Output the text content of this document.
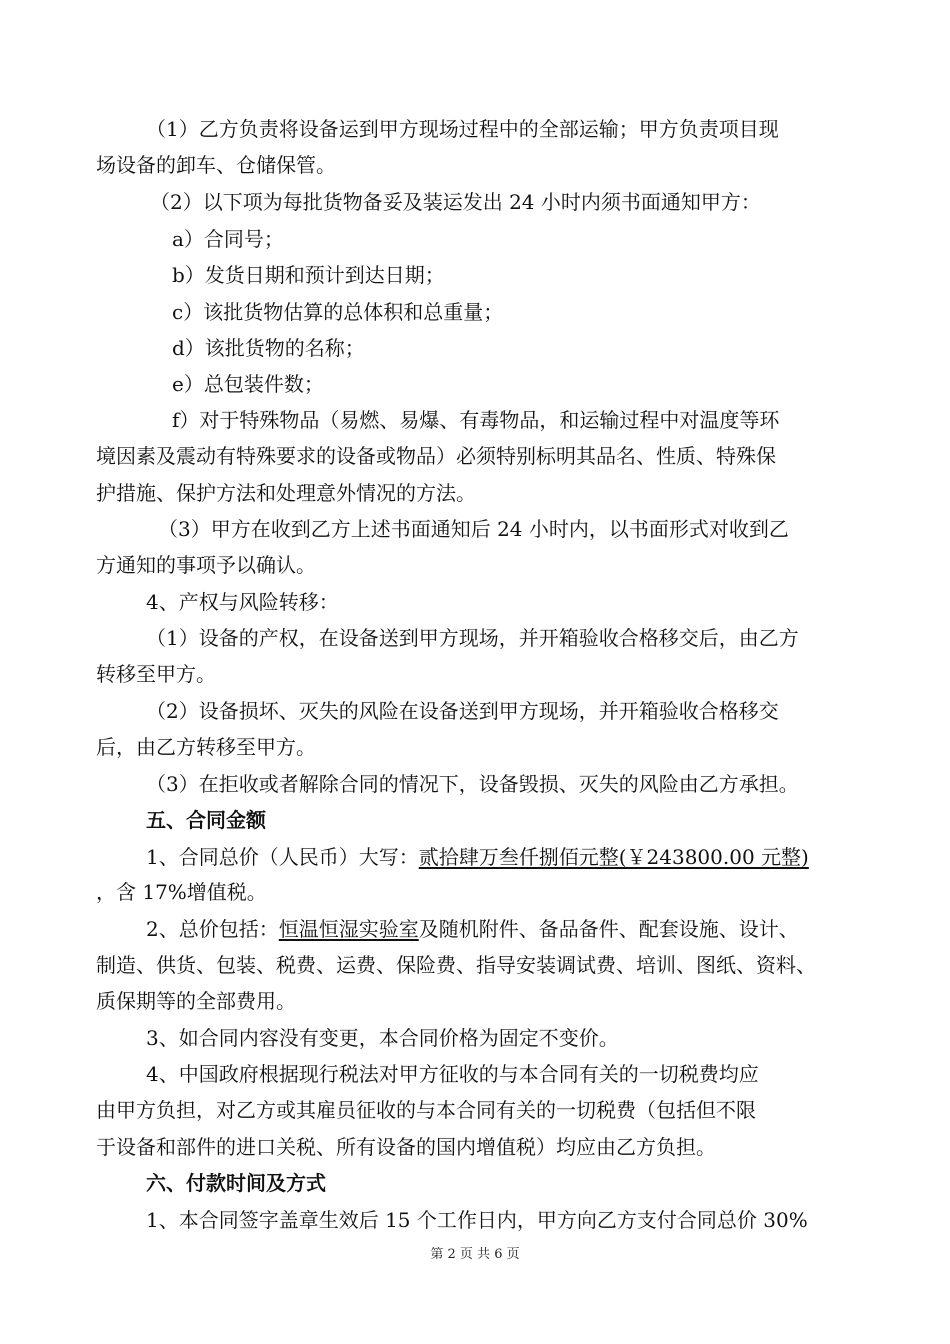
（1）乙方负责将设备运到甲方现场过程中的全部运输；甲方负责项目现
场设备的卸车、仓储保管。
（2）以下项为每批货物备妥及装运发出 24 小时内须书面通知甲方：
a）合同号；
b）发货日期和预计到达日期；
c）该批货物估算的总体积和总重量；
d）该批货物的名称；
e）总包装件数；
f）对于特殊物品（易燃、易爆、有毒物品，和运输过程中对温度等环
境因素及震动有特殊要求的设备或物品）必须特别标明其品名、性质、特殊保
护措施、保护方法和处理意外情况的方法。
（3）甲方在收到乙方上述书面通知后 24 小时内，以书面形式对收到乙
方通知的事项予以确认。
4、产权与风险转移：
（1）设备的产权，在设备送到甲方现场，并开箱验收合格移交后，由乙方
转移至甲方。
（2）设备损坏、灭失的风险在设备送到甲方现场，并开箱验收合格移交
后，由乙方转移至甲方。
（3）在拒收或者解除合同的情况下，设备毁损、灭失的风险由乙方承担。
五、合同金额
1、合同总价（人民币）大写：贰拾肆万叁仟捌佰元整(￥243800.00 元整)
，含 17%增值税。
2、总价包括：恒温恒湿实验室及随机附件、备品备件、配套设施、设计、
制造、供货、包装、税费、运费、保险费、指导安装调试费、培训、图纸、资料、
质保期等的全部费用。
3、如合同内容没有变更，本合同价格为固定不变价。
4、中国政府根据现行税法对甲方征收的与本合同有关的一切税费均应
由甲方负担，对乙方或其雇员征收的与本合同有关的一切税费（包括但不限
于设备和部件的进口关税、所有设备的国内增值税）均应由乙方负担。
六、付款时间及方式
1、本合同签字盖章生效后 15 个工作日内，甲方向乙方支付合同总价 30%
第 2 页 共 6 页
